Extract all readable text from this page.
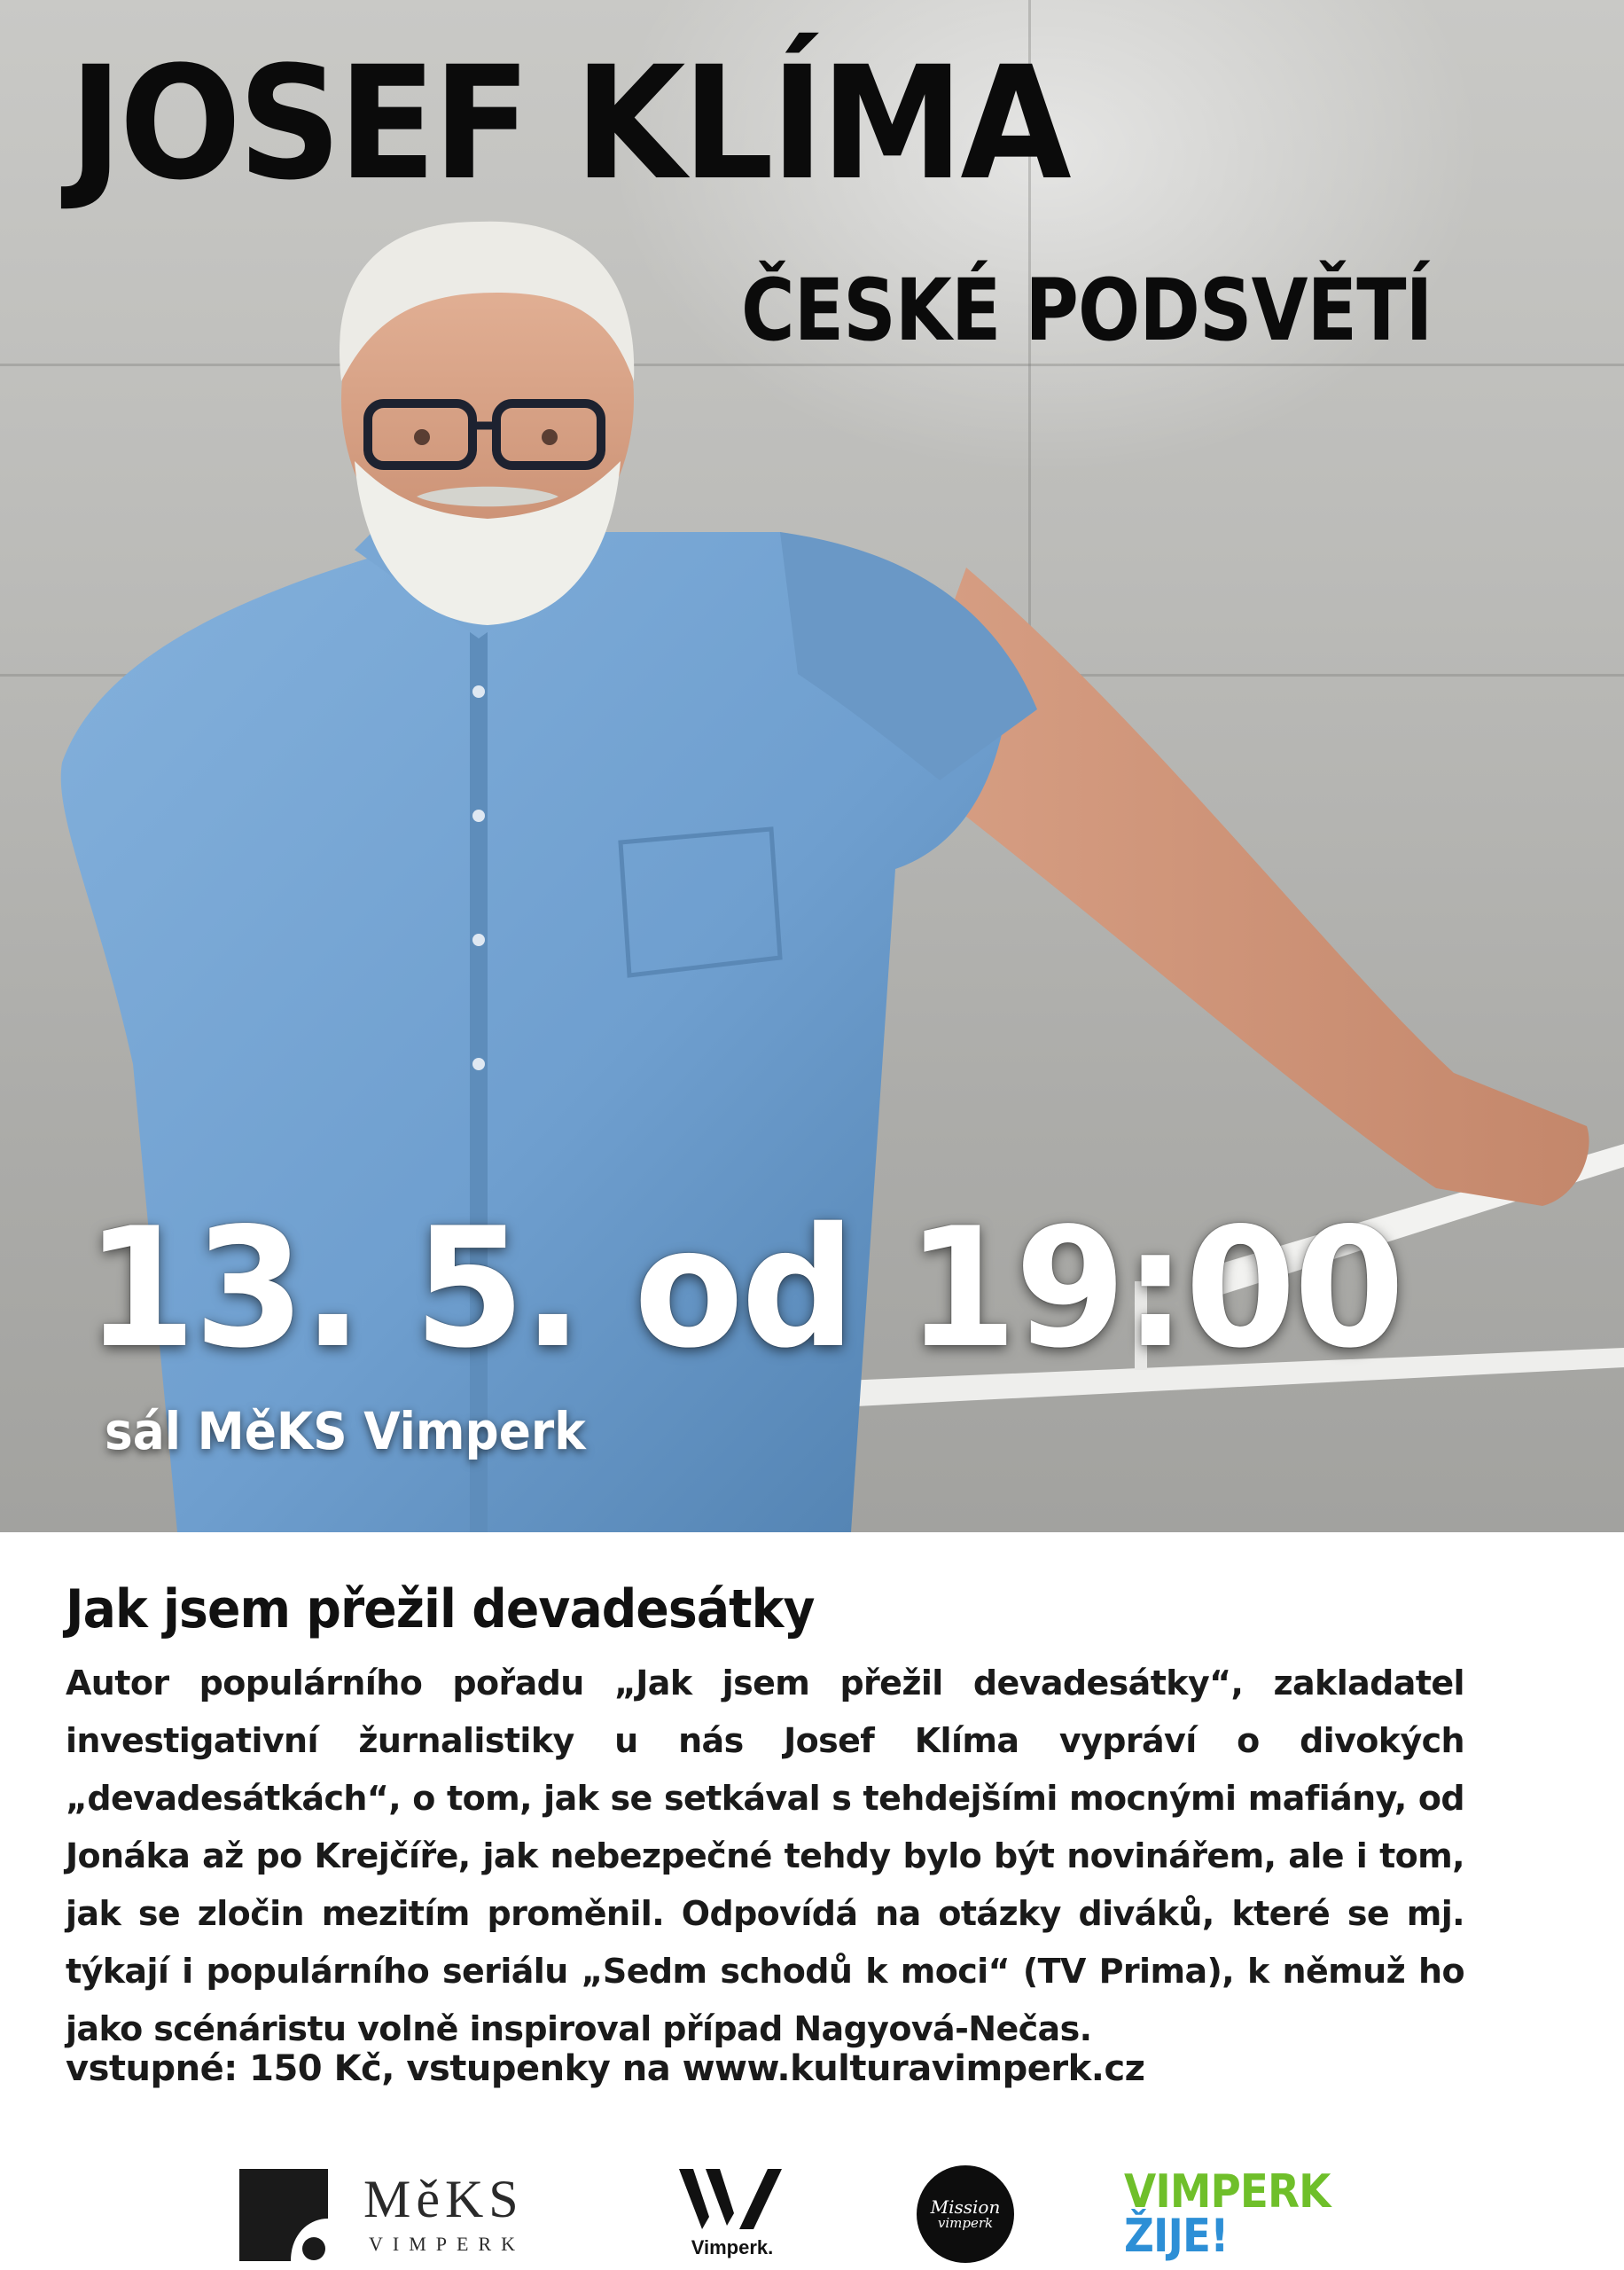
JOSEF KLÍMA
ČESKÉ PODSVĚTÍ
13. 5. od 19:00
sál MěKS Vimperk
Jak jsem přežil devadesátky

Autor populárního pořadu „Jak jsem přežil devadesátky“, zakladatel investigativní žurnalistiky u nás Josef Klíma vypráví o divokých „devadesátkách“, o tom, jak se setkával s tehdejšími mocnými mafiány, od Jonáka až po Krejčíře, jak nebezpečné tehdy bylo být novinářem, ale i tom, jak se zločin mezitím proměnil. Odpovídá na otázky diváků, které se mj. týkají i populárního seriálu „Sedm schodů k moci“ (TV Prima), k němuž ho jako scénáristu volně inspiroval případ Nagyová-Nečas.

vstupné: 150 Kč, vstupenky na www.kulturavimperk.cz
MěKS
VIMPERK	Vimperk.
Mission
vimperk
VIMPERK
ŽIJE!
